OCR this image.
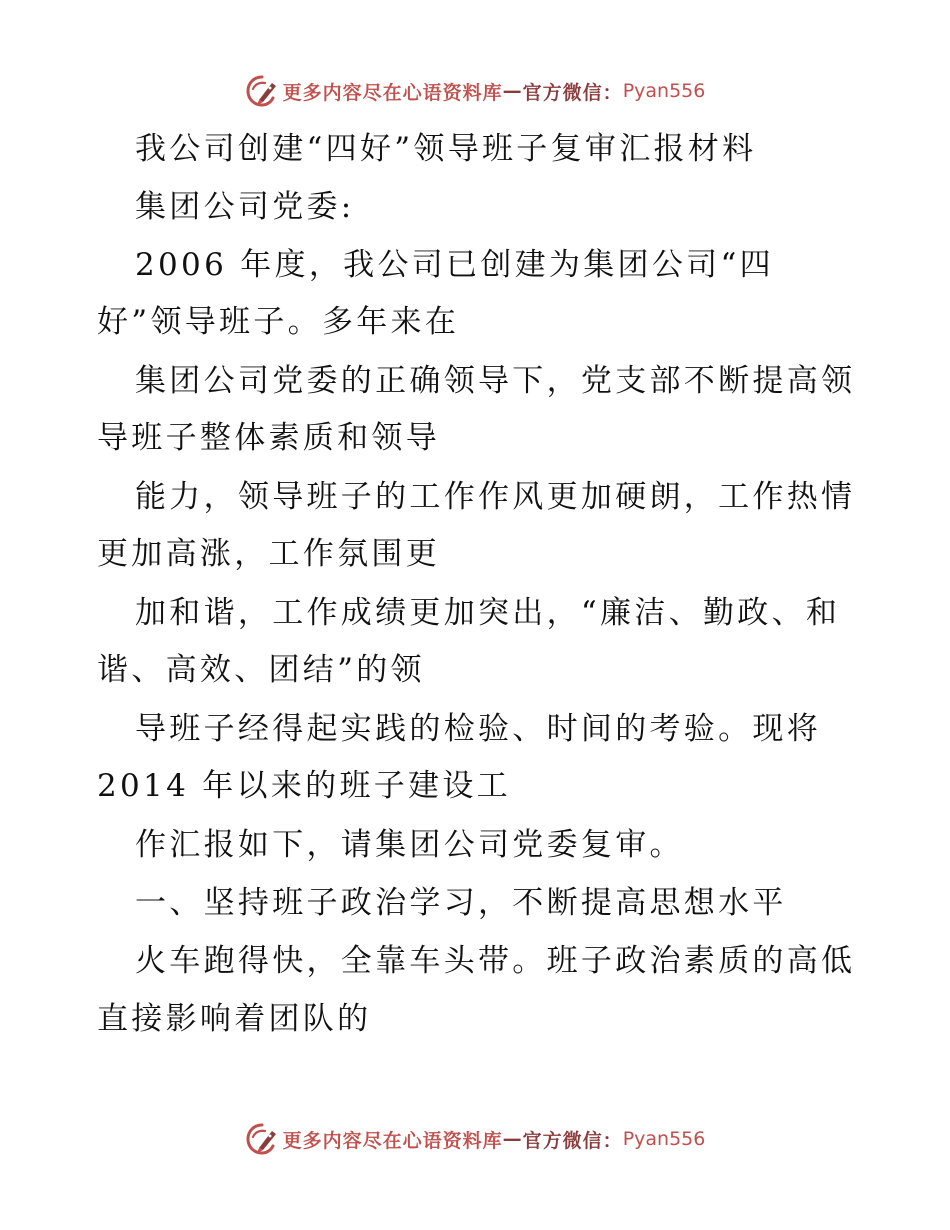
更多内容尽在心语资料库 — 官方微信： Pyan556
我公司创建“四好”领导班子复审汇报材料
集团公司党委:
2006 年度，我公司已创建为集团公司“四
好”领导班子。多年来在
集团公司党委的正确领导下，党支部不断提高领
导班子整体素质和领导
能力，领导班子的工作作风更加硬朗，工作热情
更加高涨，工作氛围更
加和谐，工作成绩更加突出，“廉洁、勤政、和
谐、高效、团结”的领
导班子经得起实践的检验、时间的考验。现将
2014 年以来的班子建设工
作汇报如下，请集团公司党委复审。
一、坚持班子政治学习，不断提高思想水平
火车跑得快，全靠车头带。班子政治素质的高低
直接影响着团队的
更多内容尽在心语资料库 — 官方微信： Pyan556
